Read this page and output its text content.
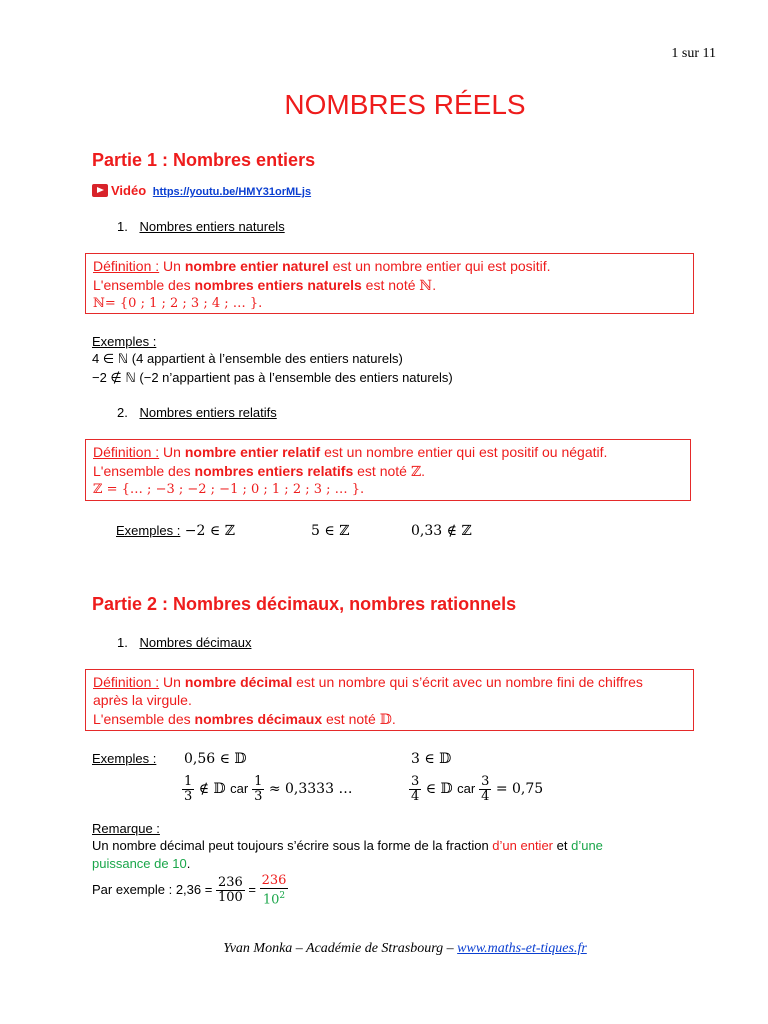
1 sur 11
NOMBRES RÉELS
Partie 1 : Nombres entiers
Vidéo https://youtu.be/HMY31orMLjs
1. Nombres entiers naturels
Définition : Un nombre entier naturel est un nombre entier qui est positif.
L'ensemble des nombres entiers naturels est noté ℕ.
ℕ= {0 ; 1 ; 2 ; 3 ; 4 ; … }.
Exemples :
4 ∈ ℕ (4 appartient à l’ensemble des entiers naturels)
−2 ∉ ℕ (−2 n’appartient pas à l’ensemble des entiers naturels)
2. Nombres entiers relatifs
Définition : Un nombre entier relatif est un nombre entier qui est positif ou négatif.
L'ensemble des nombres entiers relatifs est noté ℤ.
ℤ = {… ; −3 ; −2 ; −1 ; 0 ; 1 ; 2 ; 3 ; … }.
Exemples : −2 ∈ ℤ	5 ∈ ℤ	0,33 ∉ ℤ
Partie 2 : Nombres décimaux, nombres rationnels
1. Nombres décimaux
Définition : Un nombre décimal est un nombre qui s’écrit avec un nombre fini de chiffres
après la virgule.
L'ensemble des nombres décimaux est noté 𝔻.
Exemples : 0,56 ∈ 𝔻	3 ∈ 𝔻
$\frac{1}{3}$ ∉ 𝔻 car $\frac{1}{3} \approx 0,3333$ …	$\frac{3}{4}$ ∈ 𝔻 car $\frac{3}{4} = 0,75$
Remarque :
Un nombre décimal peut toujours s’écrire sous la forme de la fraction d’un entier et d’une
puissance de 10.
Par exemple : $2,36 = \frac{236}{100} = \frac{236}{10^2}$
Yvan Monka – Académie de Strasbourg – www.maths-et-tiques.fr
